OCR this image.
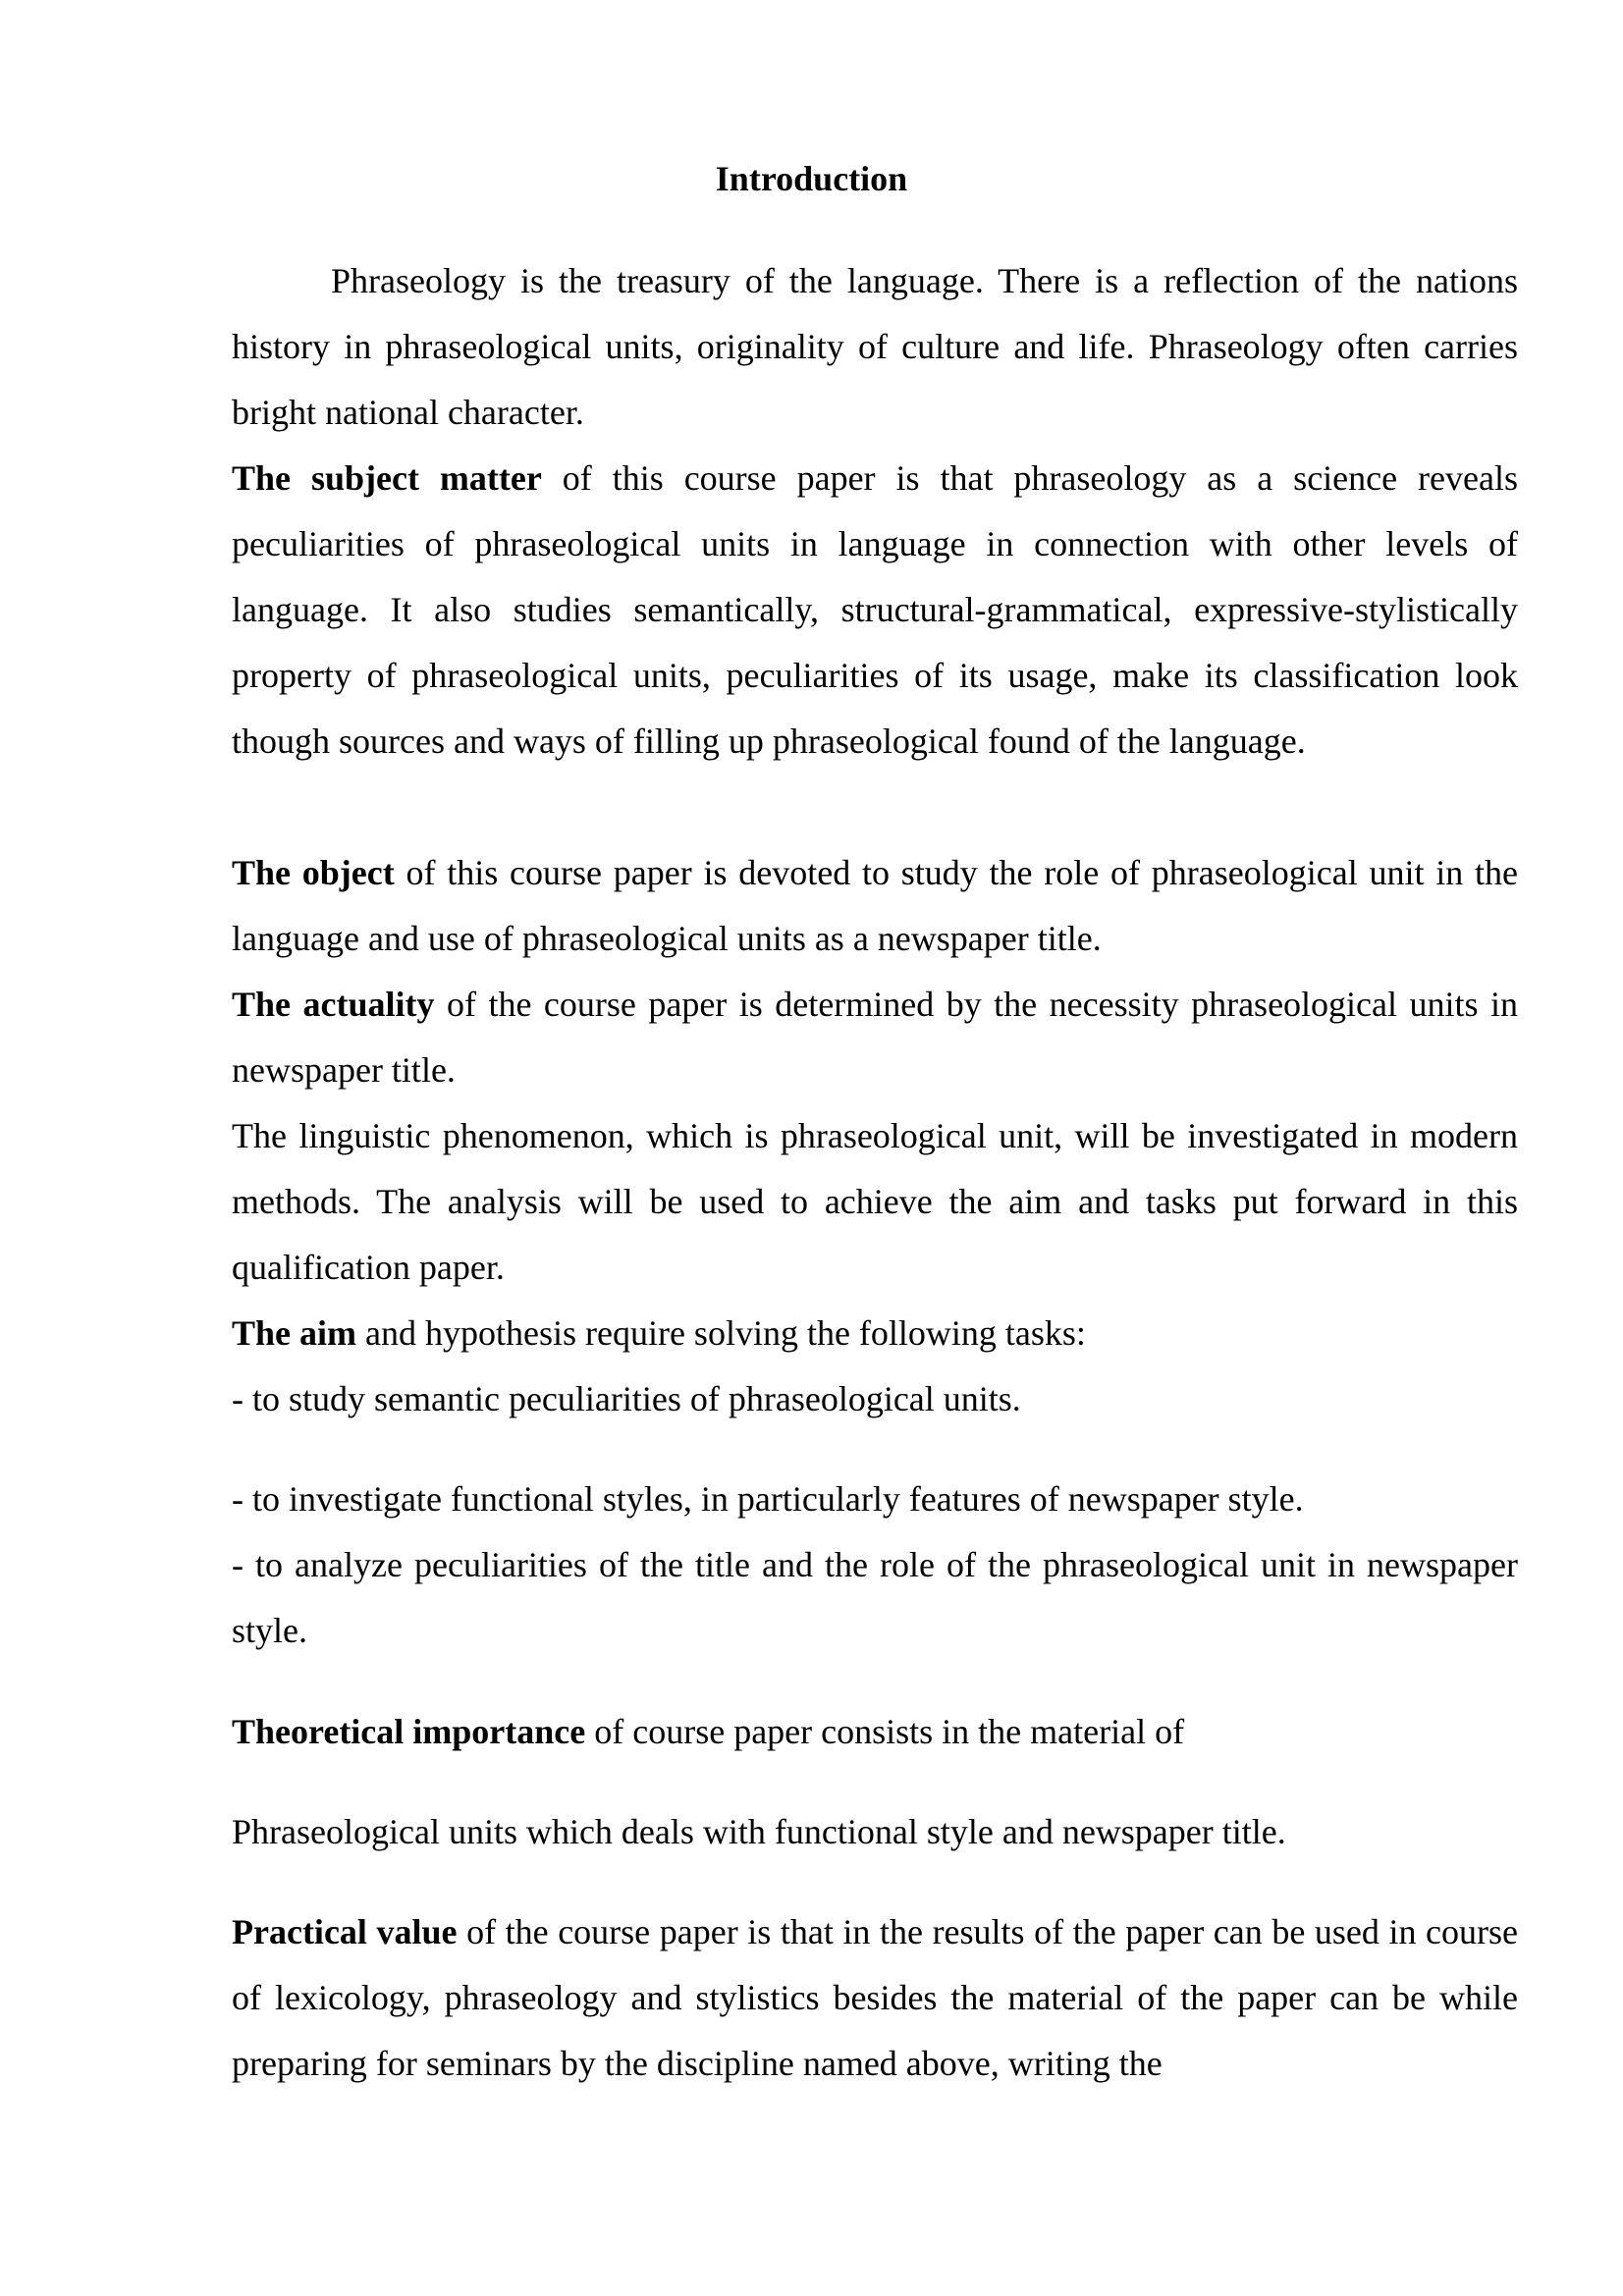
Introduction
Phraseology is the treasury of the language. There is a reflection of the nations history in phraseological units, originality of culture and life. Phraseology often carries bright national character.
The subject matter of this course paper is that phraseology as a science reveals peculiarities of phraseological units in language in connection with other levels of language. It also studies semantically, structural-grammatical, expressive-stylistically property of phraseological units, peculiarities of its usage, make its classification look though sources and ways of filling up phraseological found of the language.
The object of this course paper is devoted to study the role of phraseological unit in the language and use of phraseological units as a newspaper title.
The actuality of the course paper is determined by the necessity phraseological units in newspaper title.
The linguistic phenomenon, which is phraseological unit, will be investigated in modern methods. The analysis will be used to achieve the aim and tasks put forward in this qualification paper.
The aim and hypothesis require solving the following tasks:
- to study semantic peculiarities of phraseological units.
- to investigate functional styles, in particularly features of newspaper style.
- to analyze peculiarities of the title and the role of the phraseological unit in newspaper style.
Theoretical importance of course paper consists in the material of
Phraseological units which deals with functional style and newspaper title.
Practical value of the course paper is that in the results of the paper can be used in course of lexicology, phraseology and stylistics besides the material of the paper can be while preparing for seminars by the discipline named above, writing the
